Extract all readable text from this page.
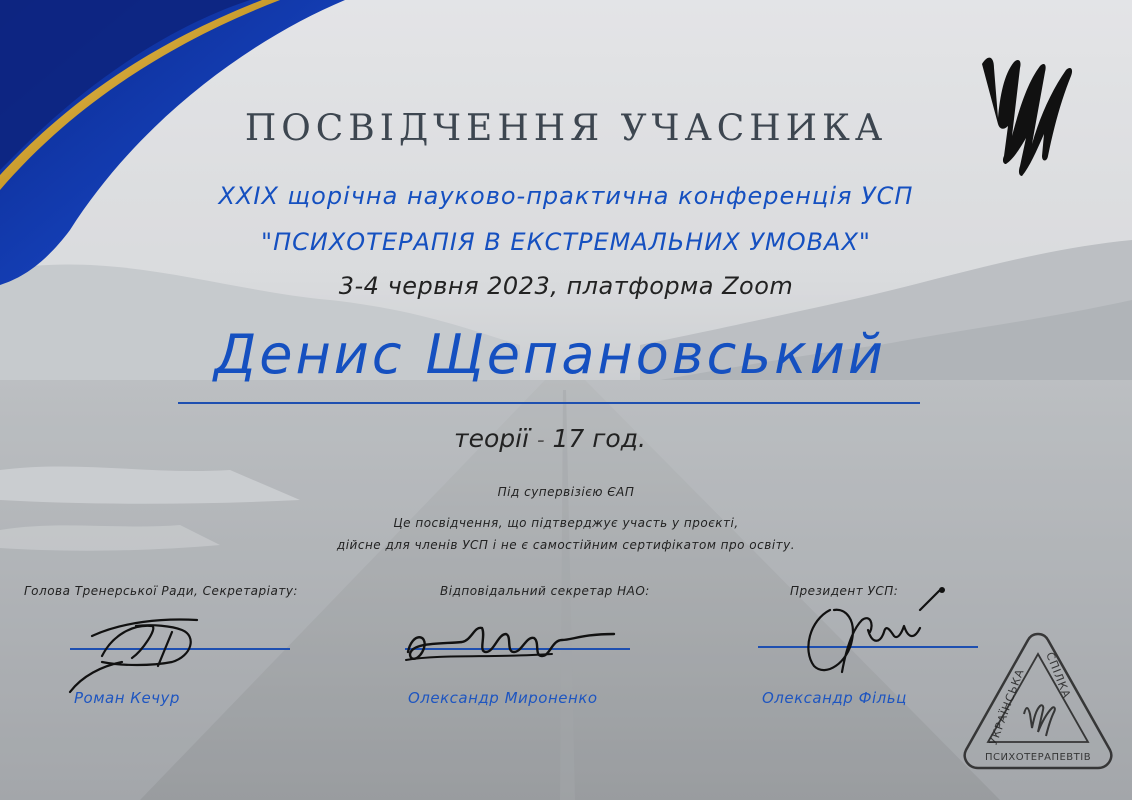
ПОСВІДЧЕННЯ УЧАСНИКА
XXIX щорічна науково-практична конференція УСП
"ПСИХОТЕРАПІЯ В ЕКСТРЕМАЛЬНИХ УМОВАХ"
3-4 червня 2023, платформа Zoom
Денис Щепановський
теорії - 17 год.
Під супервізією ЄАП
Це посвідчення, що підтверджує участь у проєкті,
дійсне для членів УСП і не є самостійним сертифікатом про освіту.
Голова Тренерської Ради, Секретаріату:	Відповідальний секретар НАО:	Президент УСП:
Роман Кечур	Олександр Мироненко	Олександр Фільц
УКРАЇНСЬКА
СПІЛКА
ПСИХОТЕРАПЕВТІВ
